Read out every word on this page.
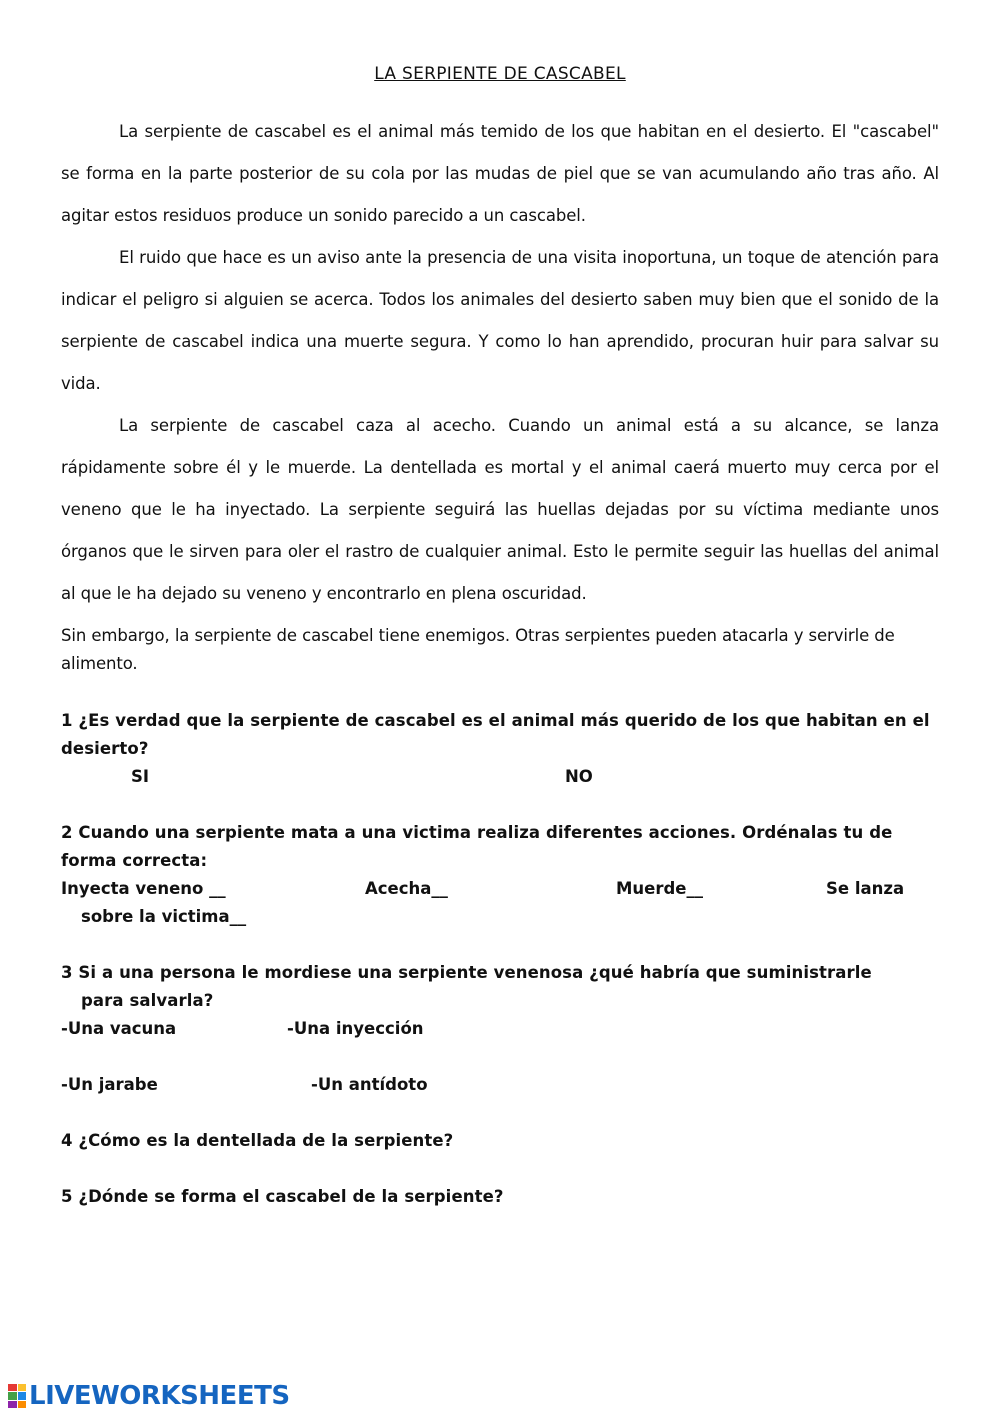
LA SERPIENTE DE CASCABEL

La serpiente de cascabel es el animal más temido de los que habitan en el desierto. El "cascabel" se forma en la parte posterior de su cola por las mudas de piel que se van acumulando año tras año. Al agitar estos residuos produce un sonido parecido a un cascabel.

El ruido que hace es un aviso ante la presencia de una visita inoportuna, un toque de atención para indicar el peligro si alguien se acerca. Todos los animales del desierto saben muy bien que el sonido de la serpiente de cascabel indica una muerte segura. Y como lo han aprendido, procuran huir para salvar su vida.

La serpiente de cascabel caza al acecho. Cuando un animal está a su alcance, se lanza rápidamente sobre él y le muerde. La dentellada es mortal y el animal caerá muerto muy cerca por el veneno que le ha inyectado. La serpiente seguirá las huellas dejadas por su víctima mediante unos órganos que le sirven para oler el rastro de cualquier animal. Esto le permite seguir las huellas del animal al que le ha dejado su veneno y encontrarlo en plena oscuridad.

Sin embargo, la serpiente de cascabel tiene enemigos. Otras serpientes pueden atacarla y servirle de alimento.

1 ¿Es verdad que la serpiente de cascabel es el animal más querido de los que habitan en el desierto?
SI	NO
2 Cuando una serpiente mata a una victima realiza diferentes acciones. Ordénalas tu de forma correcta:
Inyecta veneno __	Acecha__	Muerde__	Se lanza
sobre la victima__
3 Si a una persona le mordiese una serpiente venenosa ¿qué habría que suministrarle
para salvarla?
-Una vacuna	-Una inyección
-Un jarabe	-Un antídoto
4 ¿Cómo es la dentellada de la serpiente?
5 ¿Dónde se forma el cascabel de la serpiente?
LIVEWORKSHEETS
